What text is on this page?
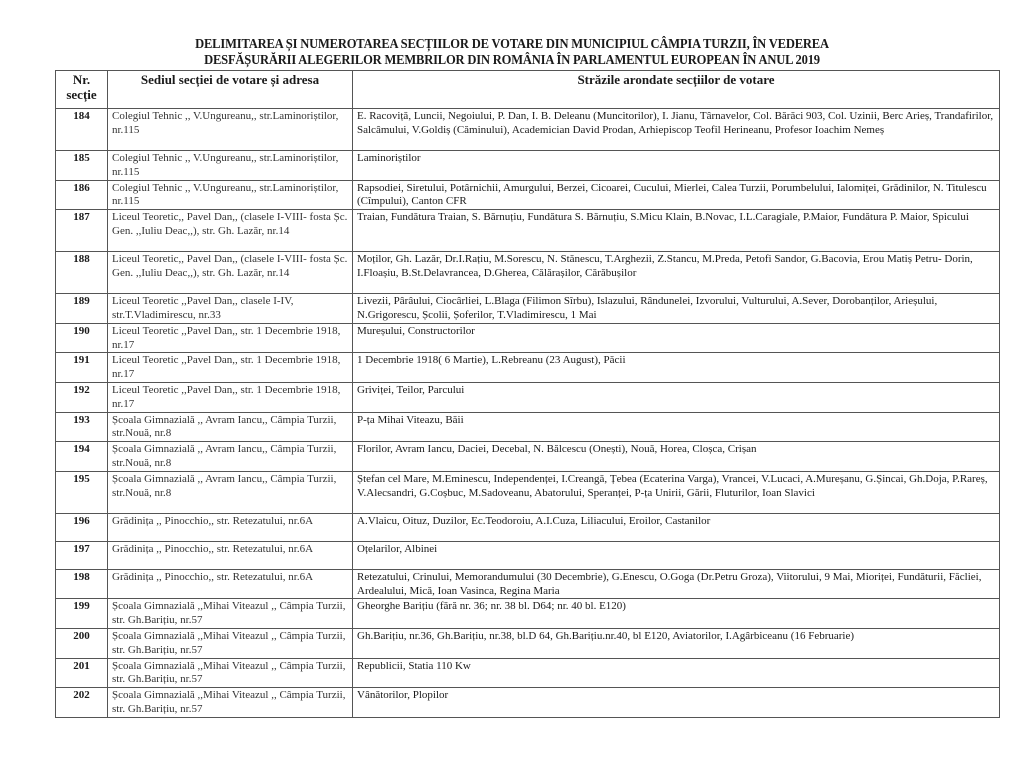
DELIMITAREA ȘI NUMEROTAREA SECȚIILOR DE VOTARE DIN MUNICIPIUL CÂMPIA TURZII, ÎN VEDEREA
DESFĂȘURĂRII ALEGERILOR MEMBRILOR DIN ROMÂNIA ÎN PARLAMENTUL EUROPEAN ÎN ANUL 2019
Nr. secție	Sediul secției de votare și adresa	Străzile arondate secțiilor de votare
184	Colegiul Tehnic ,, V.Ungureanu,, str.Laminoriștilor, nr.115	E. Racoviță, Luncii, Negoiului, P. Dan, I. B. Deleanu (Muncitorilor), I. Jianu, Târnavelor, Col. Bărăci 903, Col. Uzinii, Berc Arieș, Trandafirilor, Salcâmului, V.Goldiș (Căminului), Academician David Prodan, Arhiepiscop Teofil Herineanu, Profesor Ioachim Nemeș
185	Colegiul Tehnic ,, V.Ungureanu,, str.Laminoriștilor, nr.115	Laminoriștilor
186	Colegiul Tehnic ,, V.Ungureanu,, str.Laminoriștilor, nr.115	Rapsodiei, Siretului, Potârnichii, Amurgului, Berzei, Cicoarei, Cucului, Mierlei, Calea Turzii, Porumbelului, Ialomiței, Grădinilor, N. Titulescu (Cîmpului), Canton CFR
187	Liceul Teoretic,, Pavel Dan,, (clasele I-VIII- fosta Șc. Gen. ,,Iuliu Deac,,), str. Gh. Lazăr, nr.14	Traian, Fundătura Traian, S. Bărnuțiu, Fundătura S. Bărnuțiu, S.Micu Klain, B.Novac, I.L.Caragiale, P.Maior, Fundătura P. Maior, Spicului
188	Liceul Teoretic,, Pavel Dan,, (clasele I-VIII- fosta Șc. Gen. ,,Iuliu Deac,,), str. Gh. Lazăr, nr.14	Moților, Gh. Lazăr, Dr.I.Rațiu, M.Sorescu, N. Stănescu, T.Arghezii, Z.Stancu, M.Preda, Petofi Sandor, G.Bacovia, Erou Matiș Petru- Dorin, I.Floașiu, B.St.Delavrancea, D.Gherea, Călărașilor, Cărăbușilor
189	Liceul Teoretic ,,Pavel Dan,, clasele I-IV, str.T.Vladimirescu, nr.33	Livezii, Pârâului, Ciocârliei, L.Blaga (Filimon Sîrbu), Islazului, Rândunelei, Izvorului, Vulturului, A.Sever, Dorobanților, Arieșului, N.Grigorescu, Școlii, Șoferilor, T.Vladimirescu, 1 Mai
190	Liceul Teoretic ,,Pavel Dan,, str. 1 Decembrie 1918, nr.17	Mureșului, Constructorilor
191	Liceul Teoretic ,,Pavel Dan,, str. 1 Decembrie 1918, nr.17	1 Decembrie 1918( 6 Martie), L.Rebreanu (23 August), Păcii
192	Liceul Teoretic ,,Pavel Dan,, str. 1 Decembrie 1918, nr.17	Griviței, Teilor, Parcului
193	Școala Gimnazială ,, Avram Iancu,, Câmpia Turzii, str.Nouă, nr.8	P-ța Mihai Viteazu, Băii
194	Școala Gimnazială ,, Avram Iancu,, Câmpia Turzii, str.Nouă, nr.8	Florilor, Avram Iancu, Daciei, Decebal, N. Bălcescu (Onești), Nouă, Horea, Cloșca, Crișan
195	Școala Gimnazială ,, Avram Iancu,, Câmpia Turzii, str.Nouă, nr.8	Ștefan cel Mare, M.Eminescu, Independenței, I.Creangă, Țebea (Ecaterina Varga), Vrancei, V.Lucaci, A.Mureșanu, G.Șincai, Gh.Doja, P.Rareș, V.Alecsandri, G.Coșbuc, M.Sadoveanu, Abatorului, Speranței, P-ța Unirii, Gării, Fluturilor, Ioan Slavici
196	Grădinița ,, Pinocchio,, str. Retezatului, nr.6A	A.Vlaicu, Oituz, Duzilor, Ec.Teodoroiu, A.I.Cuza, Liliacului, Eroilor, Castanilor
197	Grădinița ,, Pinocchio,, str. Retezatului, nr.6A	Oțelarilor, Albinei
198	Grădinița ,, Pinocchio,, str. Retezatului, nr.6A	Retezatului, Crinului, Memorandumului (30 Decembrie), G.Enescu, O.Goga (Dr.Petru Groza), Viitorului, 9 Mai, Mioriței, Fundăturii, Făcliei, Ardealului, Mică, Ioan Vasinca, Regina Maria
199	Școala Gimnazială ,,Mihai Viteazul ,, Câmpia Turzii, str. Gh.Barițiu, nr.57	Gheorghe Barițiu (fără nr. 36; nr. 38 bl. D64; nr. 40 bl. E120)
200	Școala Gimnazială ,,Mihai Viteazul ,, Câmpia Turzii, str. Gh.Barițiu, nr.57	Gh.Barițiu, nr.36, Gh.Barițiu, nr.38, bl.D 64, Gh.Barițiu.nr.40, bl E120, Aviatorilor, I.Agârbiceanu (16 Februarie)
201	Școala Gimnazială ,,Mihai Viteazul ,, Câmpia Turzii, str. Gh.Barițiu, nr.57	Republicii, Statia 110 Kw
202	Școala Gimnazială ,,Mihai Viteazul ,, Câmpia Turzii, str. Gh.Barițiu, nr.57	Vânătorilor, Plopilor
